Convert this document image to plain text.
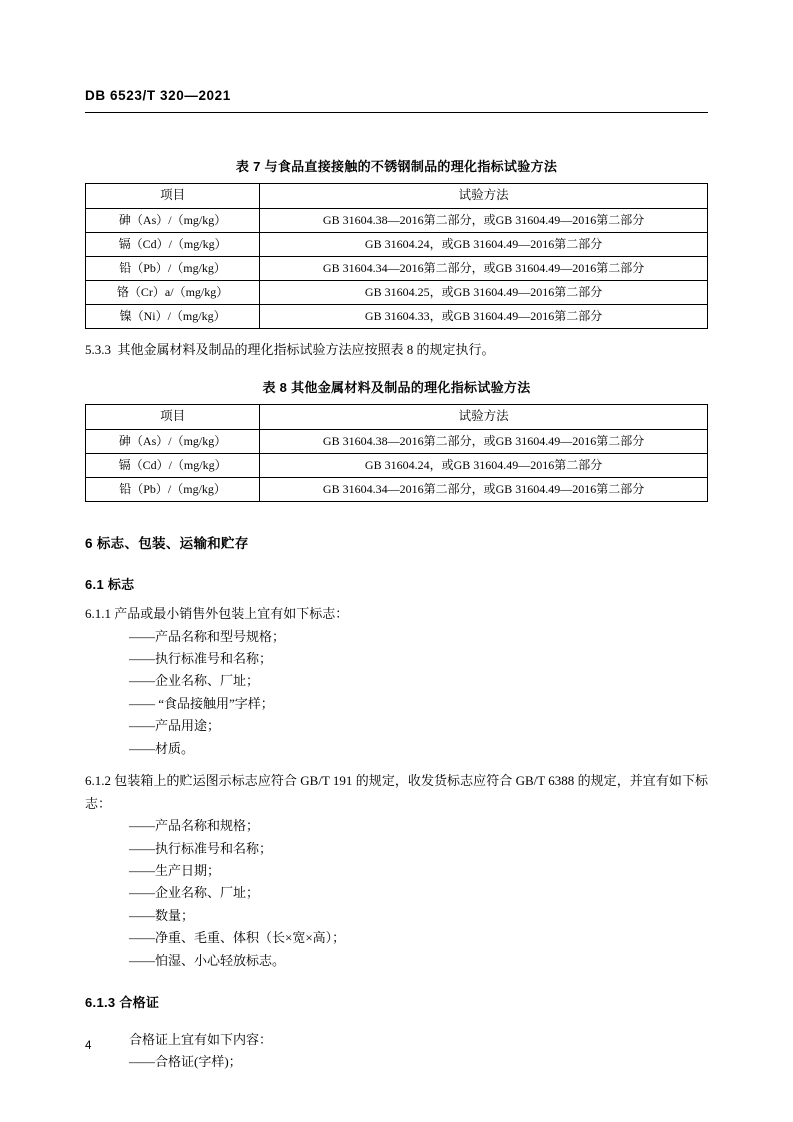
DB 6523/T 320—2021
表 7 与食品直接接触的不锈钢制品的理化指标试验方法
项目	试验方法
砷（As）/（mg/kg）	GB 31604.38—2016第二部分，或GB 31604.49—2016第二部分
镉（Cd）/（mg/kg）	GB 31604.24，或GB 31604.49—2016第二部分
铅（Pb）/（mg/kg）	GB 31604.34—2016第二部分，或GB 31604.49—2016第二部分
铬（Cr）a/（mg/kg）	GB 31604.25，或GB 31604.49—2016第二部分
镍（Ni）/（mg/kg）	GB 31604.33，或GB 31604.49—2016第二部分

5.3.3 其他金属材料及制品的理化指标试验方法应按照表 8 的规定执行。

表 8 其他金属材料及制品的理化指标试验方法
项目	试验方法
砷（As）/（mg/kg）	GB 31604.38—2016第二部分，或GB 31604.49—2016第二部分
镉（Cd）/（mg/kg）	GB 31604.24，或GB 31604.49—2016第二部分
铅（Pb）/（mg/kg）	GB 31604.34—2016第二部分，或GB 31604.49—2016第二部分
6 标志、包装、运输和贮存
6.1 标志

6.1.1 产品或最小销售外包装上宜有如下标志：

——产品名称和型号规格；
——执行标准号和名称；
——企业名称、厂址；
—— “食品接触用”字样；
——产品用途；
——材质。

6.1.2 包装箱上的贮运图示标志应符合 GB/T 191 的规定，收发货标志应符合 GB/T 6388 的规定，并宜有如下标志：

——产品名称和规格；
——执行标准号和名称；
——生产日期；
——企业名称、厂址；
——数量；
——净重、毛重、体积（长×宽×高）；
——怕湿、小心轻放标志。
6.1.3 合格证
合格证上宜有如下内容：
——合格证(字样)；
4
